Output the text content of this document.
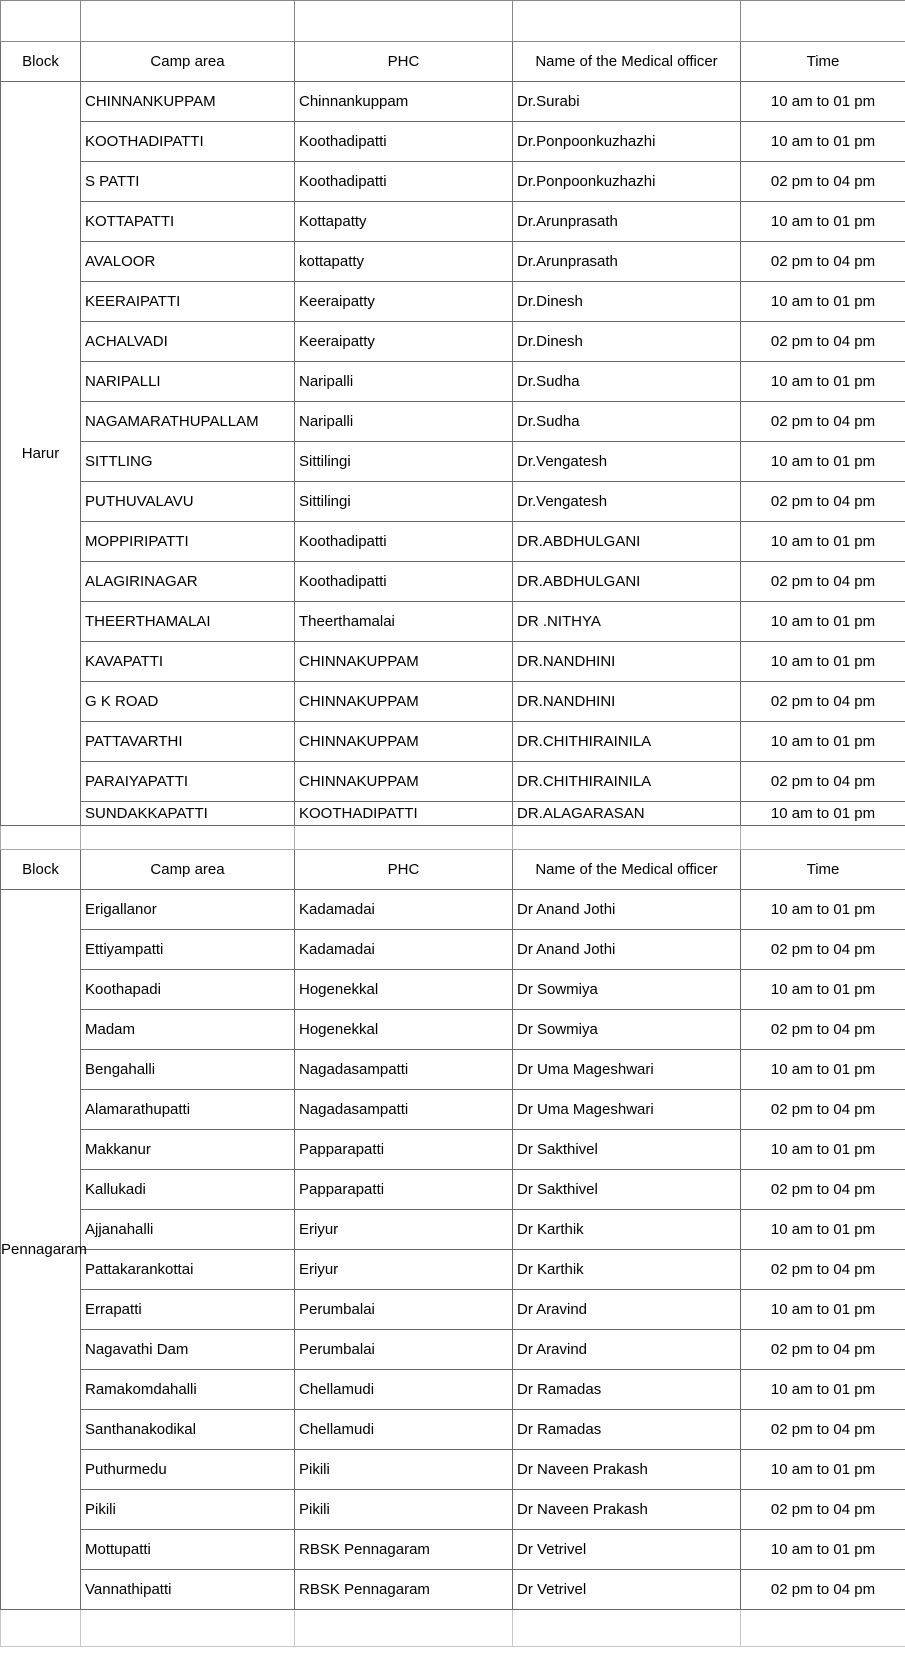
Block	Camp area	PHC	Name of the Medical officer	Time
Harur	CHINNANKUPPAM	Chinnankuppam	Dr.Surabi	10 am to 01 pm
	KOOTHADIPATTI	Koothadipatti	Dr.Ponpoonkuzhazhi	10 am to 01 pm
	S PATTI	Koothadipatti	Dr.Ponpoonkuzhazhi	02 pm to 04 pm
	KOTTAPATTI	Kottapatty	Dr.Arunprasath	10 am to 01 pm
	AVALOOR	kottapatty	Dr.Arunprasath	02 pm to 04 pm
	KEERAIPATTI	Keeraipatty	Dr.Dinesh	10 am to 01 pm
	ACHALVADI	Keeraipatty	Dr.Dinesh	02 pm to 04 pm
	NARIPALLI	Naripalli	Dr.Sudha	10 am to 01 pm
	NAGAMARATHUPALLAM	Naripalli	Dr.Sudha	02 pm to 04 pm
	SITTLING	Sittilingi	Dr.Vengatesh	10 am to 01 pm
	PUTHUVALAVU	Sittilingi	Dr.Vengatesh	02 pm to 04 pm
	MOPPIRIPATTI	Koothadipatti	DR.ABDHULGANI	10 am to 01 pm
	ALAGIRINAGAR	Koothadipatti	DR.ABDHULGANI	02 pm to 04 pm
	THEERTHAMALAI	Theerthamalai	DR .NITHYA	10 am to 01 pm
	KAVAPATTI	CHINNAKUPPAM	DR.NANDHINI	10 am to 01 pm
	G K ROAD	CHINNAKUPPAM	DR.NANDHINI	02 pm to 04 pm
	PATTAVARTHI	CHINNAKUPPAM	DR.CHITHIRAINILA	10 am to 01 pm
	PARAIYAPATTI	CHINNAKUPPAM	DR.CHITHIRAINILA	02 pm to 04 pm
	SUNDAKKAPATTI	KOOTHADIPATTI	DR.ALAGARASAN	10 am to 01 pm

Block	Camp area	PHC	Name of the Medical officer	Time
Pennagaram	Erigallanor	Kadamadai	Dr Anand Jothi	10 am to 01 pm
	Ettiyampatti	Kadamadai	Dr Anand Jothi	02 pm to 04 pm
	Koothapadi	Hogenekkal	Dr Sowmiya	10 am to 01 pm
	Madam	Hogenekkal	Dr Sowmiya	02 pm to 04 pm
	Bengahalli	Nagadasampatti	Dr Uma Mageshwari	10 am to 01 pm
	Alamarathupatti	Nagadasampatti	Dr Uma Mageshwari	02 pm to 04 pm
	Makkanur	Papparapatti	Dr Sakthivel	10 am to 01 pm
	Kallukadi	Papparapatti	Dr Sakthivel	02 pm to 04 pm
	Ajjanahalli	Eriyur	Dr Karthik	10 am to 01 pm
	Pattakarankottai	Eriyur	Dr Karthik	02 pm to 04 pm
	Errapatti	Perumbalai	Dr Aravind	10 am to 01 pm
	Nagavathi Dam	Perumbalai	Dr Aravind	02 pm to 04 pm
	Ramakomdahalli	Chellamudi	Dr Ramadas	10 am to 01 pm
	Santhanakodikal	Chellamudi	Dr Ramadas	02 pm to 04 pm
	Puthurmedu	Pikili	Dr Naveen Prakash	10 am to 01 pm
	Pikili	Pikili	Dr Naveen Prakash	02 pm to 04 pm
	Mottupatti	RBSK Pennagaram	Dr Vetrivel	10 am to 01 pm
	Vannathipatti	RBSK Pennagaram	Dr Vetrivel	02 pm to 04 pm
